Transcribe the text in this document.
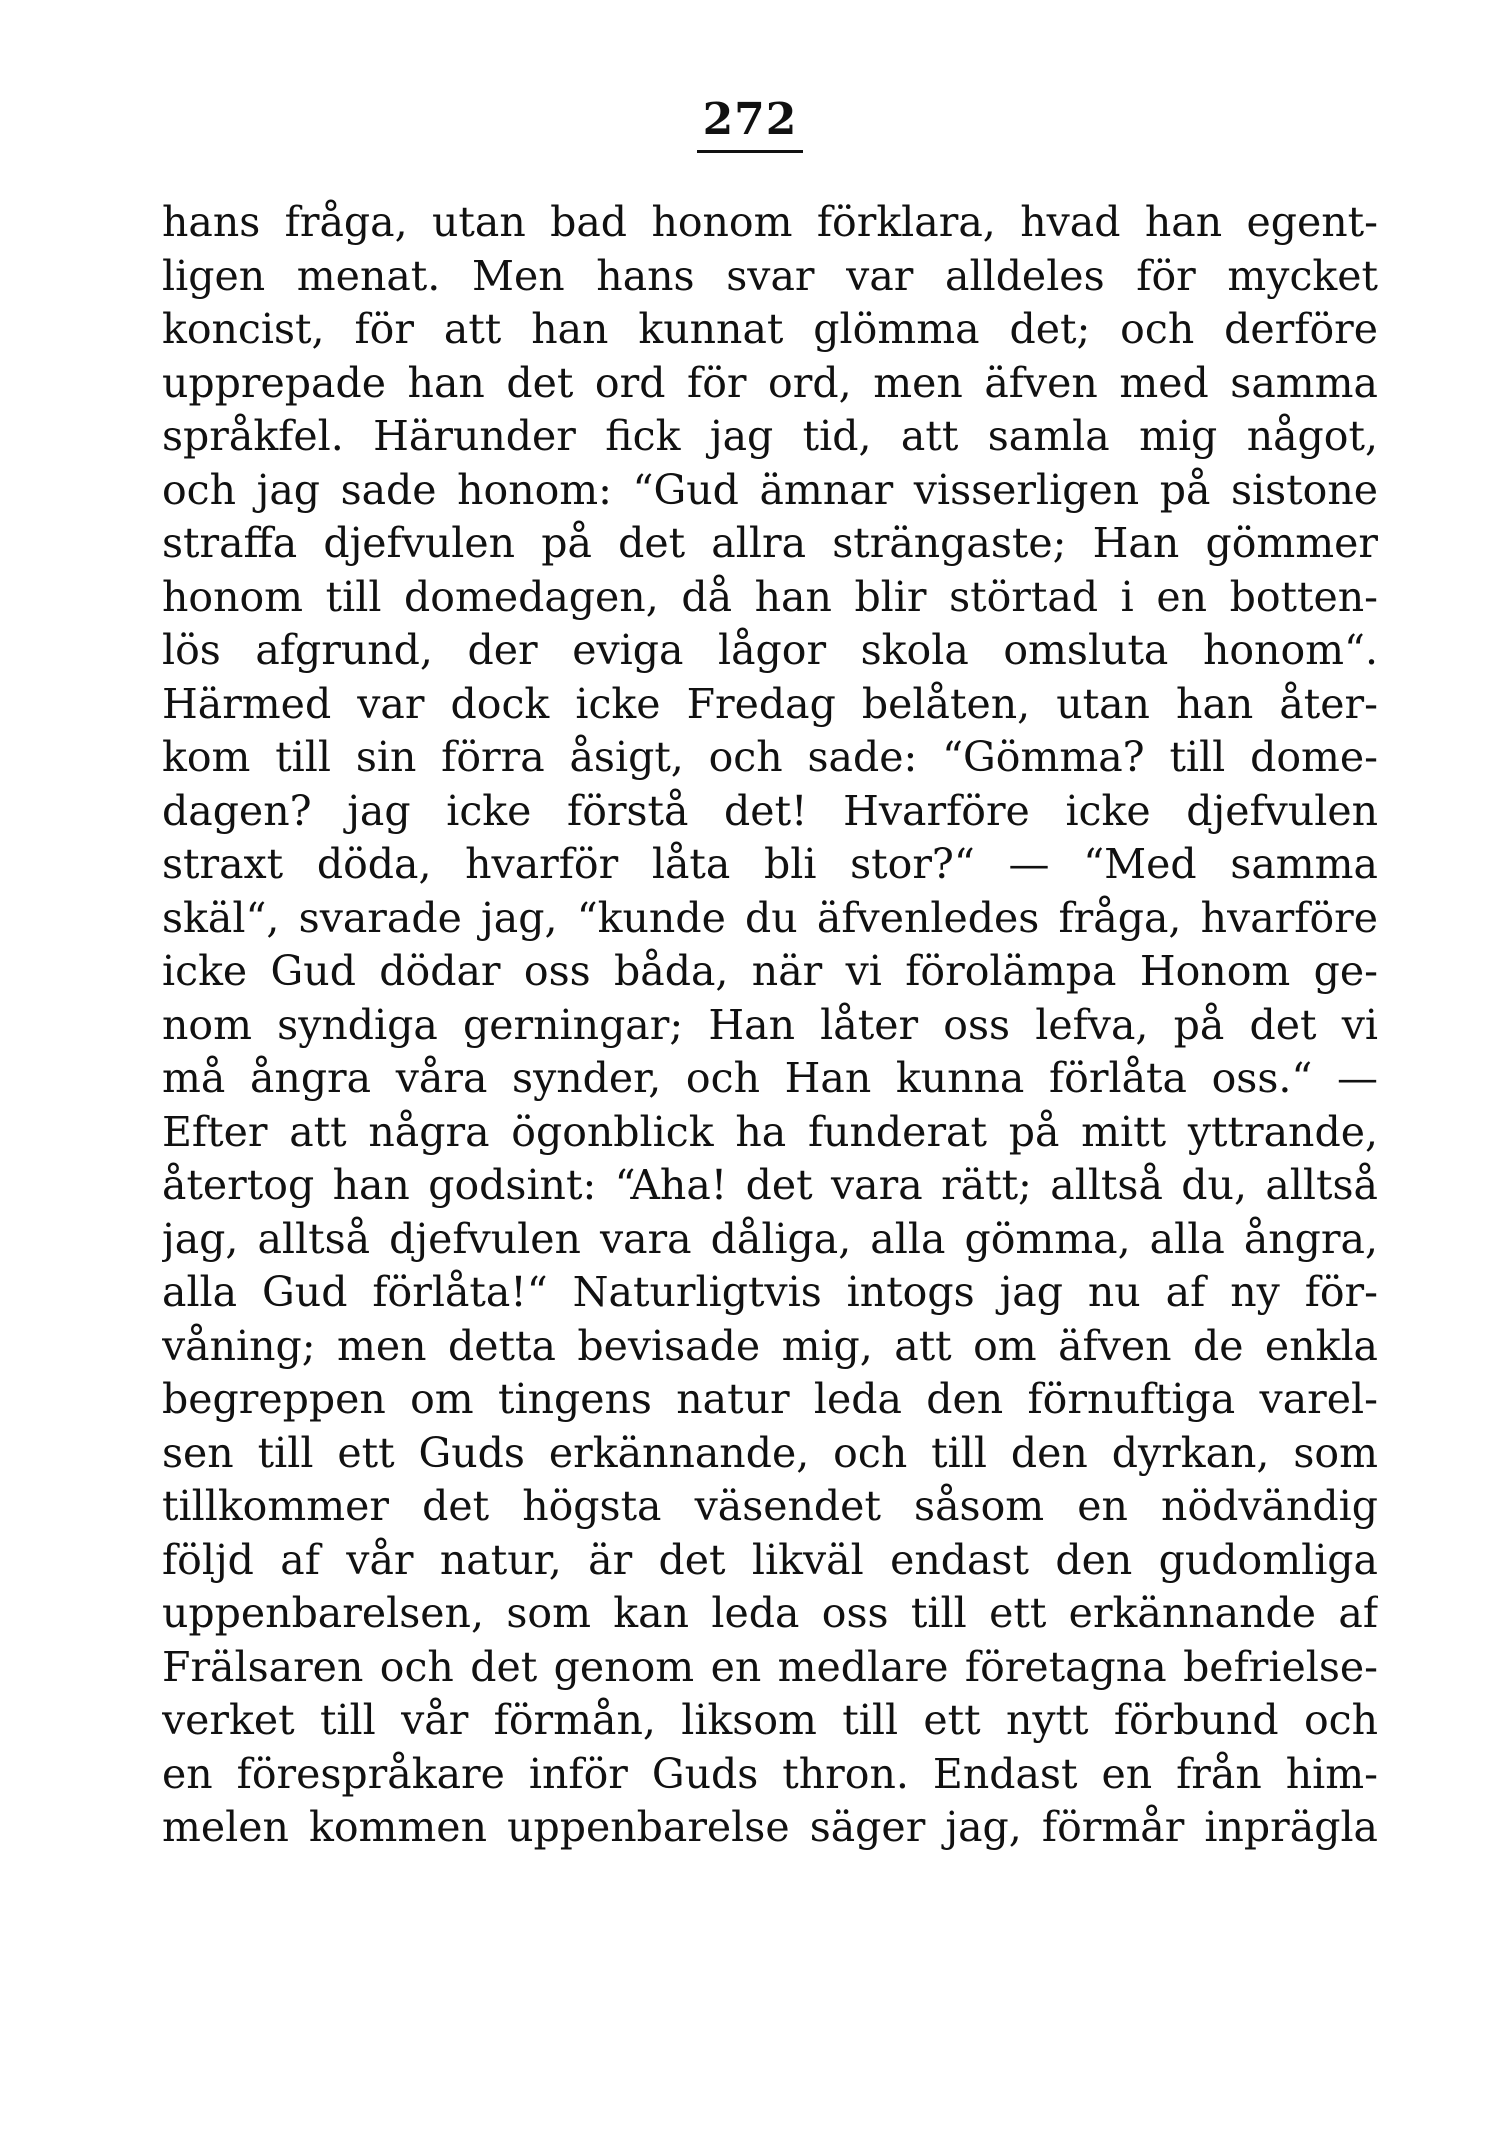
272
hans fråga, utan bad honom förklara, hvad han egent-
ligen menat. Men hans svar var alldeles för mycket
koncist, för att han kunnat glömma det; och derföre
upprepade han det ord för ord, men äfven med samma
språkfel. Härunder fick jag tid, att samla mig något,
och jag sade honom: “Gud ämnar visserligen på sistone
straffa djefvulen på det allra strängaste; Han gömmer
honom till domedagen, då han blir störtad i en botten-
lös afgrund, der eviga lågor skola omsluta honom“.
Härmed var dock icke Fredag belåten, utan han åter-
kom till sin förra åsigt, och sade: “Gömma? till dome-
dagen? jag icke förstå det! Hvarföre icke djefvulen
straxt döda, hvarför låta bli stor?“ — “Med samma
skäl“, svarade jag, “kunde du äfvenledes fråga, hvarföre
icke Gud dödar oss båda, när vi förolämpa Honom ge-
nom syndiga gerningar; Han låter oss lefva, på det vi
må ångra våra synder, och Han kunna förlåta oss.“ —
Efter att några ögonblick ha funderat på mitt yttrande,
återtog han godsint: “Aha! det vara rätt; alltså du, alltså
jag, alltså djefvulen vara dåliga, alla gömma, alla ångra,
alla Gud förlåta!“ Naturligtvis intogs jag nu af ny för-
våning; men detta bevisade mig, att om äfven de enkla
begreppen om tingens natur leda den förnuftiga varel-
sen till ett Guds erkännande, och till den dyrkan, som
tillkommer det högsta väsendet såsom en nödvändig
följd af vår natur, är det likväl endast den gudomliga
uppenbarelsen, som kan leda oss till ett erkännande af
Frälsaren och det genom en medlare företagna befrielse-
verket till vår förmån, liksom till ett nytt förbund och
en förespråkare inför Guds thron. Endast en från him-
melen kommen uppenbarelse säger jag, förmår inprägla
